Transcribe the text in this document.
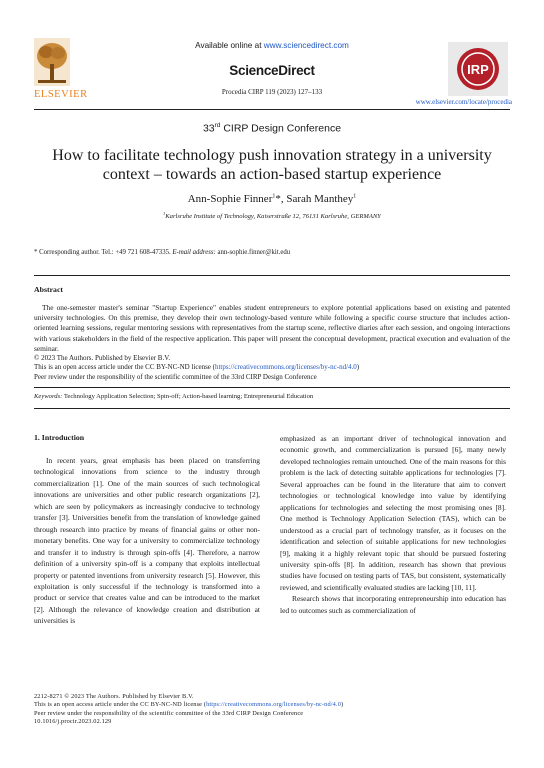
ELSEVIER
Available online at www.sciencedirect.com
ScienceDirect
Procedia CIRP 119 (2023) 127–133
IRP
www.elsevier.com/locate/procedia
33rd CIRP Design Conference
How to facilitate technology push innovation strategy in a university context – towards an action-based startup experience
Ann-Sophie Finner$^1$*, Sarah Manthey$^1$
$^1$Karlsruhe Institute of Technology, Kaiserstraße 12, 76131 Karlsruhe, GERMANY
* Corresponding author. Tel.: +49 721 608-47335. E-mail address: ann-sophie.finner@kit.edu
Abstract
The one-semester master's seminar "Startup Experience" enables student entrepreneurs to explore potential applications based on existing and patented university technologies. On this premise, they develop their own technology-based venture while following a specific course structure that includes action-oriented learning sessions, regular mentoring sessions with representatives from the startup scene, reflective diaries after each session, and ongoing interactions with various stakeholders in the field of the respective application. This paper will present the conceptual development, practical execution and evaluation of the seminar.
© 2023 The Authors. Published by Elsevier B.V.
This is an open access article under the CC BY-NC-ND license (https://creativecommons.org/licenses/by-nc-nd/4.0)
Peer review under the responsibility of the scientific committee of the 33rd CIRP Design Conference
Keywords: Technology Application Selection; Spin-off; Action-based learning; Entrepreneurial Education
1. Introduction

In recent years, great emphasis has been placed on transferring technological innovations from science to the industry through commercialization [1]. One of the main sources of such technological innovations are universities and other public research organizations [2], which are seen by policymakers as increasingly conducive to technology transfer [3]. Universities benefit from the translation of knowledge gained through research into practice by means of financial gains or other non-monetary benefits. One way for a university to commercialize technology and transfer it to industry is through spin-offs [4]. Therefore, a narrow definition of a university spin-off is a company that exploits intellectual property or patented inventions from university research [5]. However, this exploitation is only successful if the technology is transformed into a product or service that creates value and can be introduced to the market [2]. Although the relevance of knowledge creation and distribution at universities is

emphasized as an important driver of technological innovation and economic growth, and commercialization is pursued [6], many newly developed technologies remain untouched. One of the main reasons for this problem is the lack of detecting suitable applications for technologies [7]. Several approaches can be found in the literature that aim to convert technologies or technological knowledge into value by identifying applications for technologies and selecting the most promising ones [8]. One method is Technology Application Selection (TAS), which can be understood as a crucial part of technology transfer, as it focuses on the identification and selection of suitable applications for new technologies [9], making it a highly relevant topic that should be pursued fostering university spin-offs [8]. In addition, research has shown that previous studies have focused on testing parts of TAS, but consistent, systematically reviewed, and scientifically evaluated studies are lacking [10, 11].

Research shows that incorporating entrepreneurship into education has led to outcomes such as commercialization of

2212-8271 © 2023 The Authors. Published by Elsevier B.V.
This is an open access article under the CC BY-NC-ND license (https://creativecommons.org/licenses/by-nc-nd/4.0)
Peer review under the responsibility of the scientific committee of the 33rd CIRP Design Conference
10.1016/j.procir.2023.02.129
